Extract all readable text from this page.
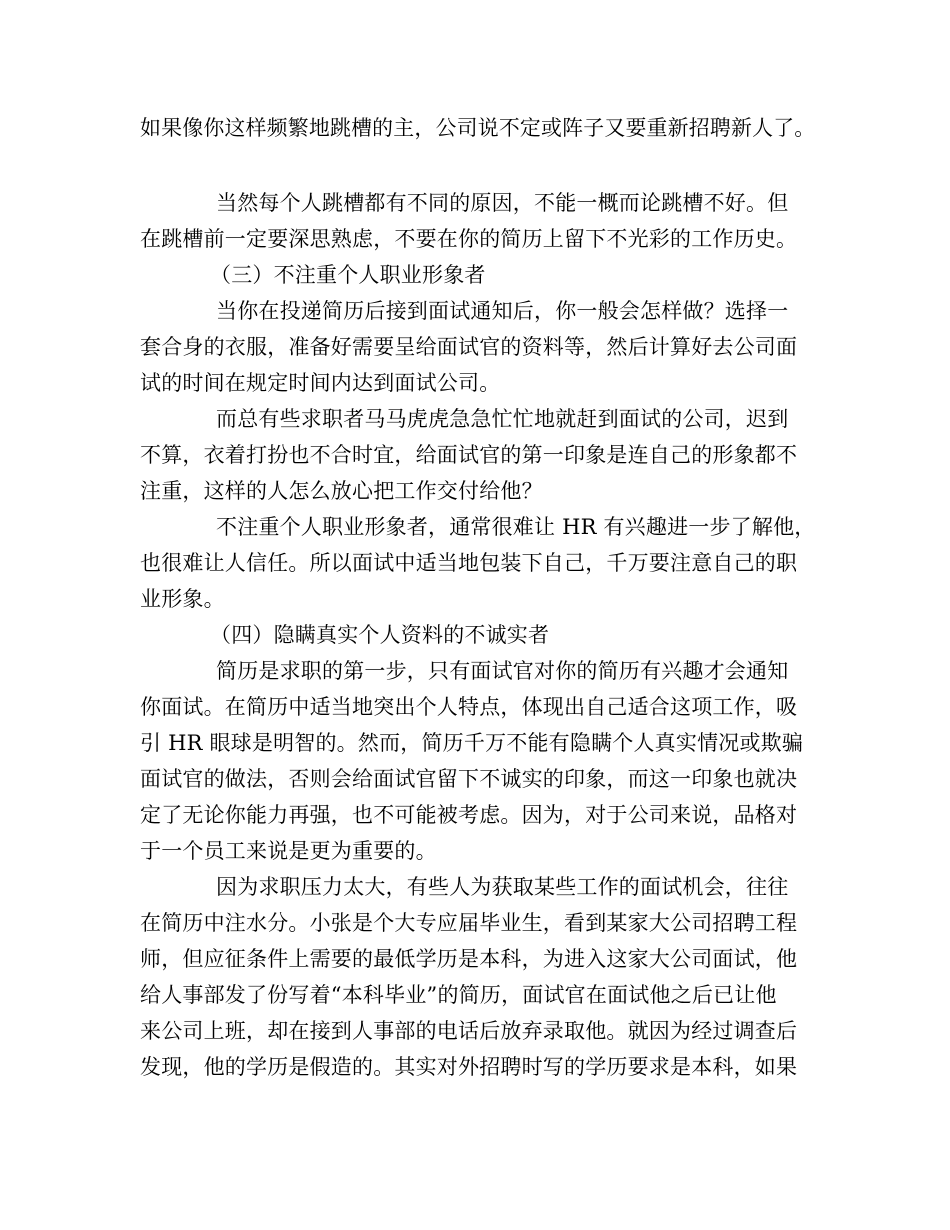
如果像你这样频繁地跳槽的主，公司说不定或阵子又要重新招聘新人了。
当然每个人跳槽都有不同的原因，不能一概而论跳槽不好。但
在跳槽前一定要深思熟虑，不要在你的简历上留下不光彩的工作历史。
（三）不注重个人职业形象者
当你在投递简历后接到面试通知后，你一般会怎样做？选择一
套合身的衣服，准备好需要呈给面试官的资料等，然后计算好去公司面
试的时间在规定时间内达到面试公司。
而总有些求职者马马虎虎急急忙忙地就赶到面试的公司，迟到
不算，衣着打扮也不合时宜，给面试官的第一印象是连自己的形象都不
注重，这样的人怎么放心把工作交付给他？
不注重个人职业形象者，通常很难让 HR 有兴趣进一步了解他，
也很难让人信任。所以面试中适当地包装下自己，千万要注意自己的职
业形象。
（四）隐瞒真实个人资料的不诚实者
简历是求职的第一步，只有面试官对你的简历有兴趣才会通知
你面试。在简历中适当地突出个人特点，体现出自己适合这项工作，吸
引 HR 眼球是明智的。然而，简历千万不能有隐瞒个人真实情况或欺骗
面试官的做法，否则会给面试官留下不诚实的印象，而这一印象也就决
定了无论你能力再强，也不可能被考虑。因为，对于公司来说，品格对
于一个员工来说是更为重要的。
因为求职压力太大，有些人为获取某些工作的面试机会，往往
在简历中注水分。小张是个大专应届毕业生，看到某家大公司招聘工程
师，但应征条件上需要的最低学历是本科，为进入这家大公司面试，他
给人事部发了份写着“本科毕业”的简历，面试官在面试他之后已让他
来公司上班，却在接到人事部的电话后放弃录取他。就因为经过调查后
发现，他的学历是假造的。其实对外招聘时写的学历要求是本科，如果
